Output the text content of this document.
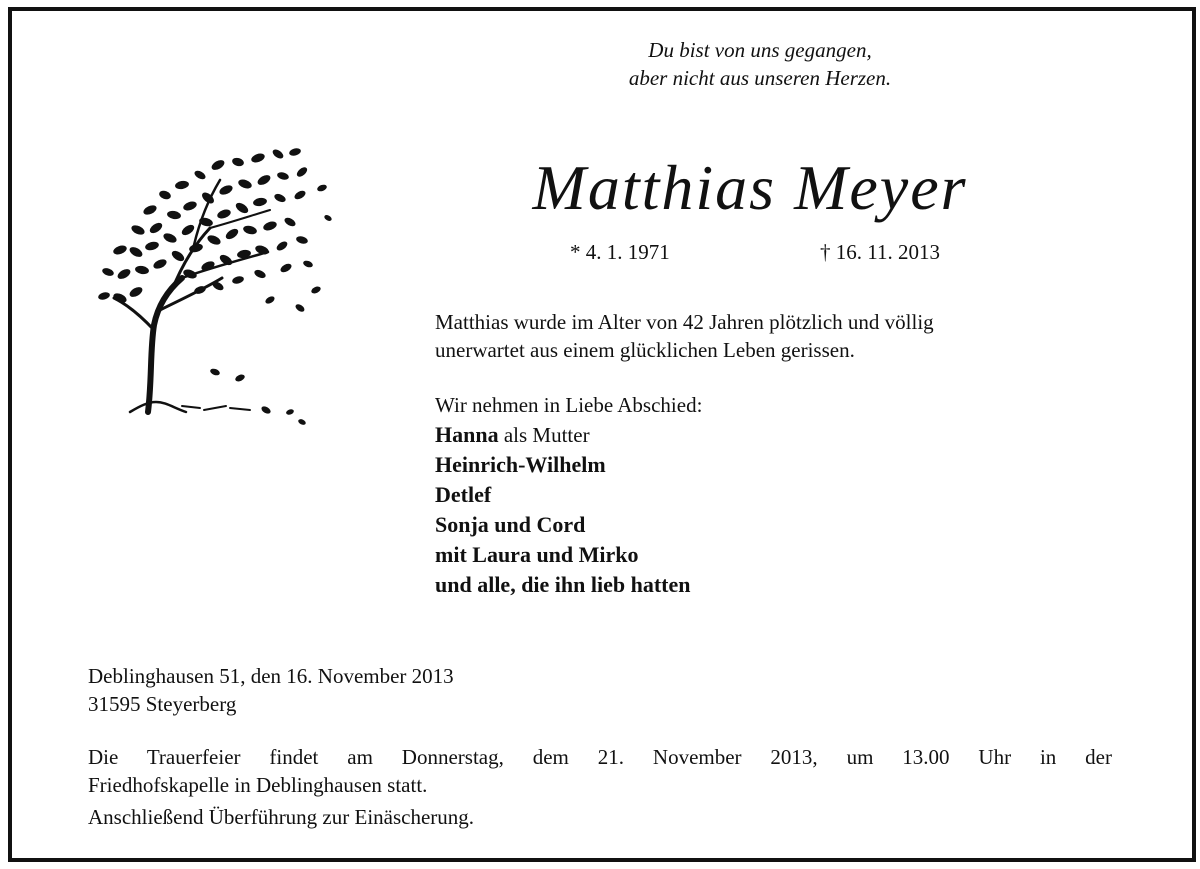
Du bist von uns gegangen,
aber nicht aus unseren Herzen.
Matthias Meyer
* 4. 1. 1971	† 16. 11. 2013
Matthias wurde im Alter von 42 Jahren plötzlich und völlig
unerwartet aus einem glücklichen Leben gerissen.
Wir nehmen in Liebe Abschied:
Hanna als Mutter
Heinrich-Wilhelm
Detlef
Sonja und Cord
mit Laura und Mirko
und alle, die ihn lieb hatten
Deblinghausen 51, den 16. November 2013
31595 Steyerberg
Die Trauerfeier findet am Donnerstag, dem 21. November 2013, um 13.00 Uhr in der
Friedhofskapelle in Deblinghausen statt.
Anschließend Überführung zur Einäscherung.
